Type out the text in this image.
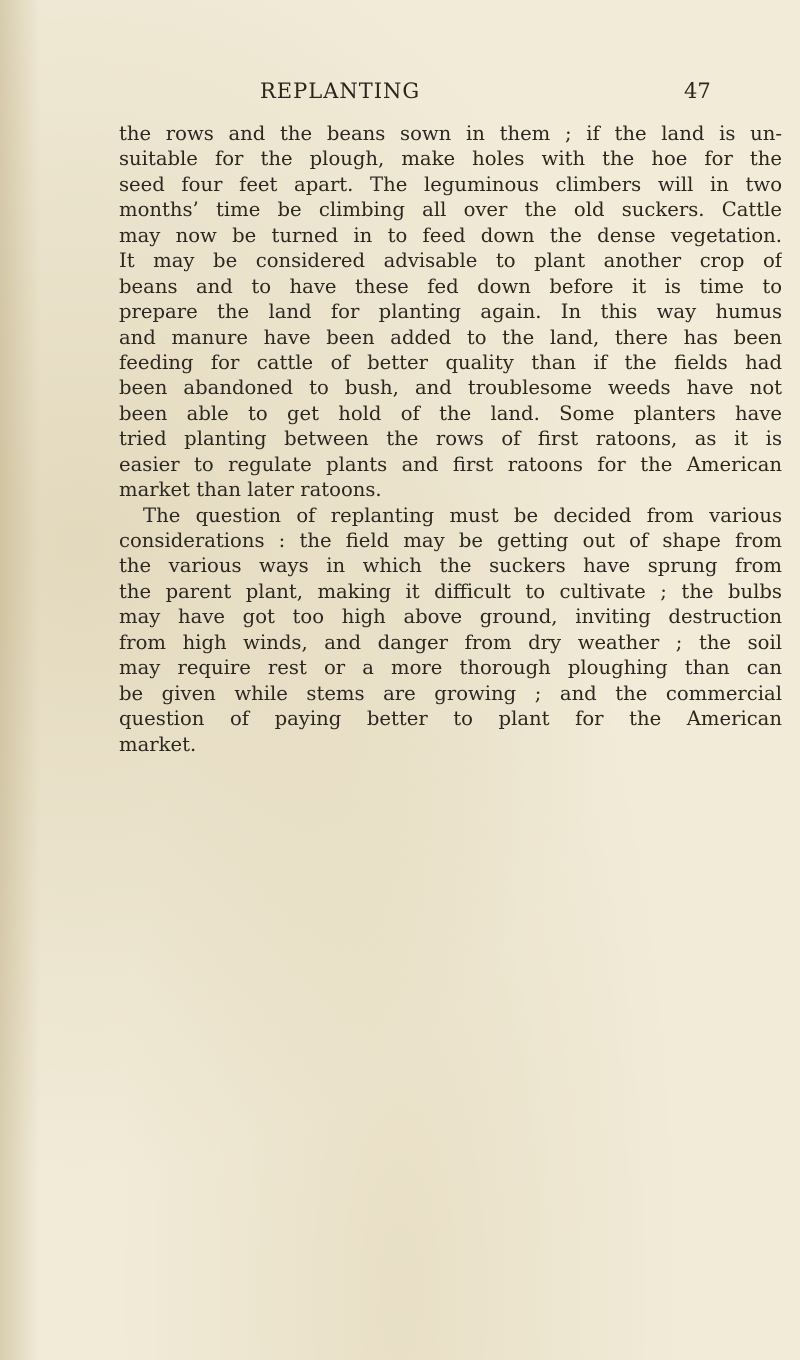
REPLANTING	47
the rows and the beans sown in them ; if the land is un-
suitable for the plough, make holes with the hoe for the
seed four feet apart. The leguminous climbers will in two
months’ time be climbing all over the old suckers. Cattle
may now be turned in to feed down the dense vegetation.
It may be considered advisable to plant another crop of
beans and to have these fed down before it is time to
prepare the land for planting again. In this way humus
and manure have been added to the land, there has been
feeding for cattle of better quality than if the fields had
been abandoned to bush, and troublesome weeds have not
been able to get hold of the land. Some planters have
tried planting between the rows of first ratoons, as it is
easier to regulate plants and first ratoons for the American
market than later ratoons.
The question of replanting must be decided from various
considerations : the field may be getting out of shape from
the various ways in which the suckers have sprung from
the parent plant, making it difficult to cultivate ; the bulbs
may have got too high above ground, inviting destruction
from high winds, and danger from dry weather ; the soil
may require rest or a more thorough ploughing than can
be given while stems are growing ; and the commercial
question of paying better to plant for the American
market.
